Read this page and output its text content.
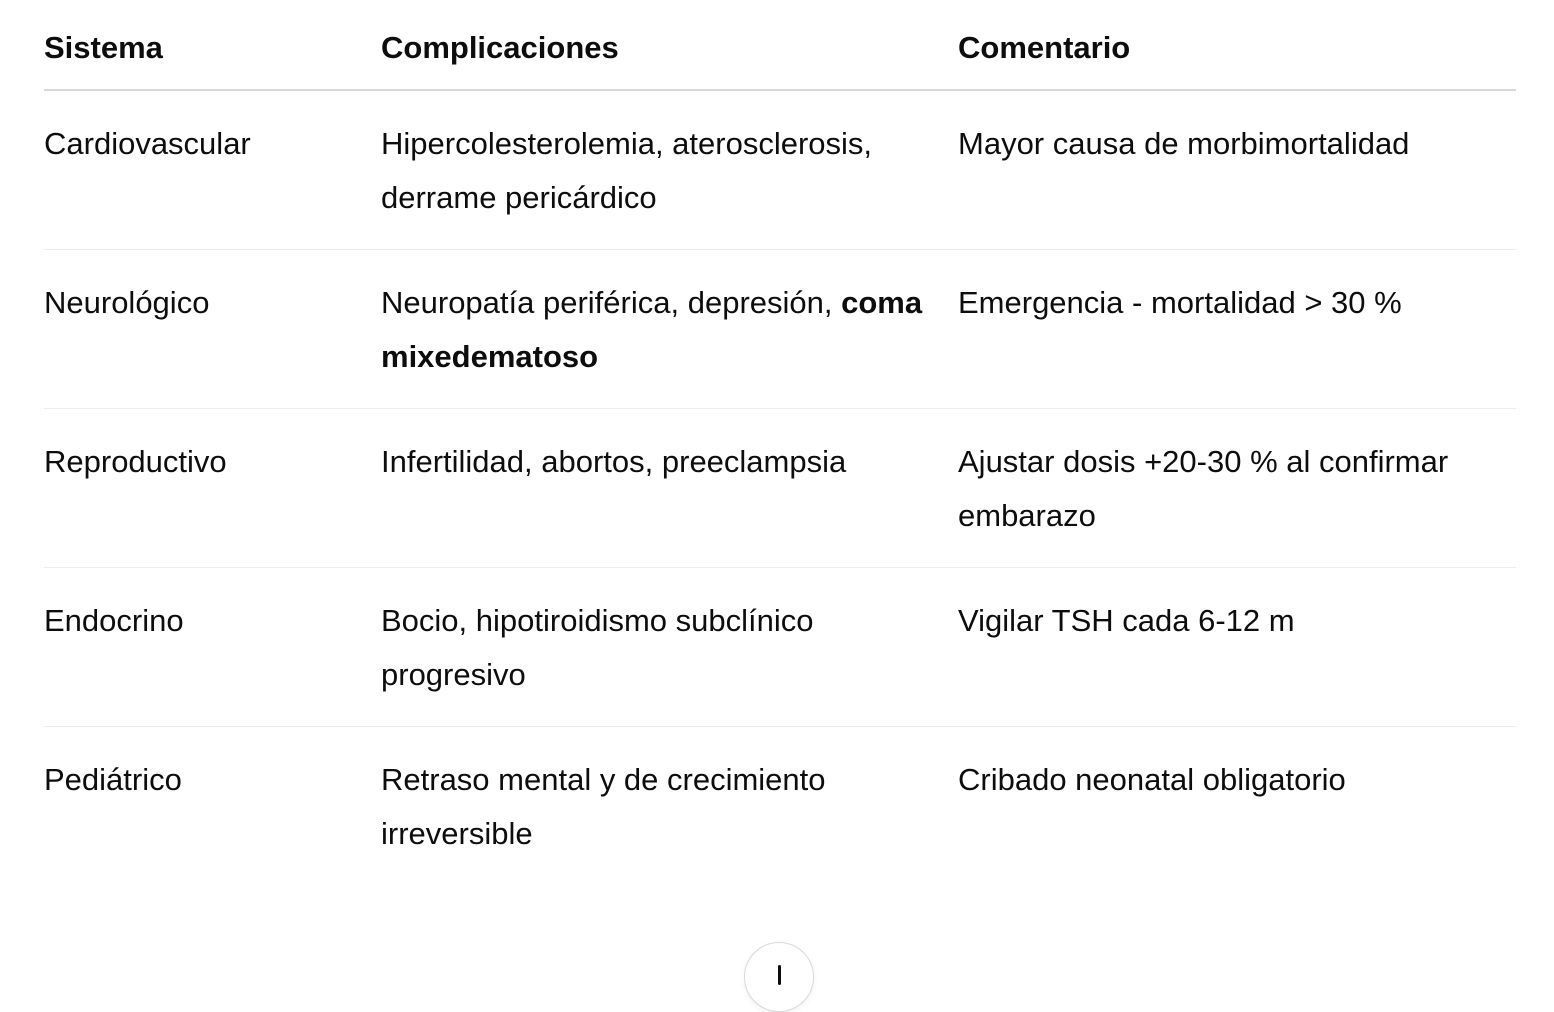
Sistema	Complicaciones	Comentario
Cardiovascular	Hipercolesterolemia, aterosclerosis, derrame pericárdico	Mayor causa de morbimortalidad
Neurológico	Neuropatía periférica, depresión, coma mixedematoso	Emergencia - mortalidad > 30 %
Reproductivo	Infertilidad, abortos, preeclampsia	Ajustar dosis +20-30 % al confirmar embarazo
Endocrino	Bocio, hipotiroidismo subclínico progresivo	Vigilar TSH cada 6-12 m
Pediátrico	Retraso mental y de crecimiento irreversible	Cribado neonatal obligatorio
